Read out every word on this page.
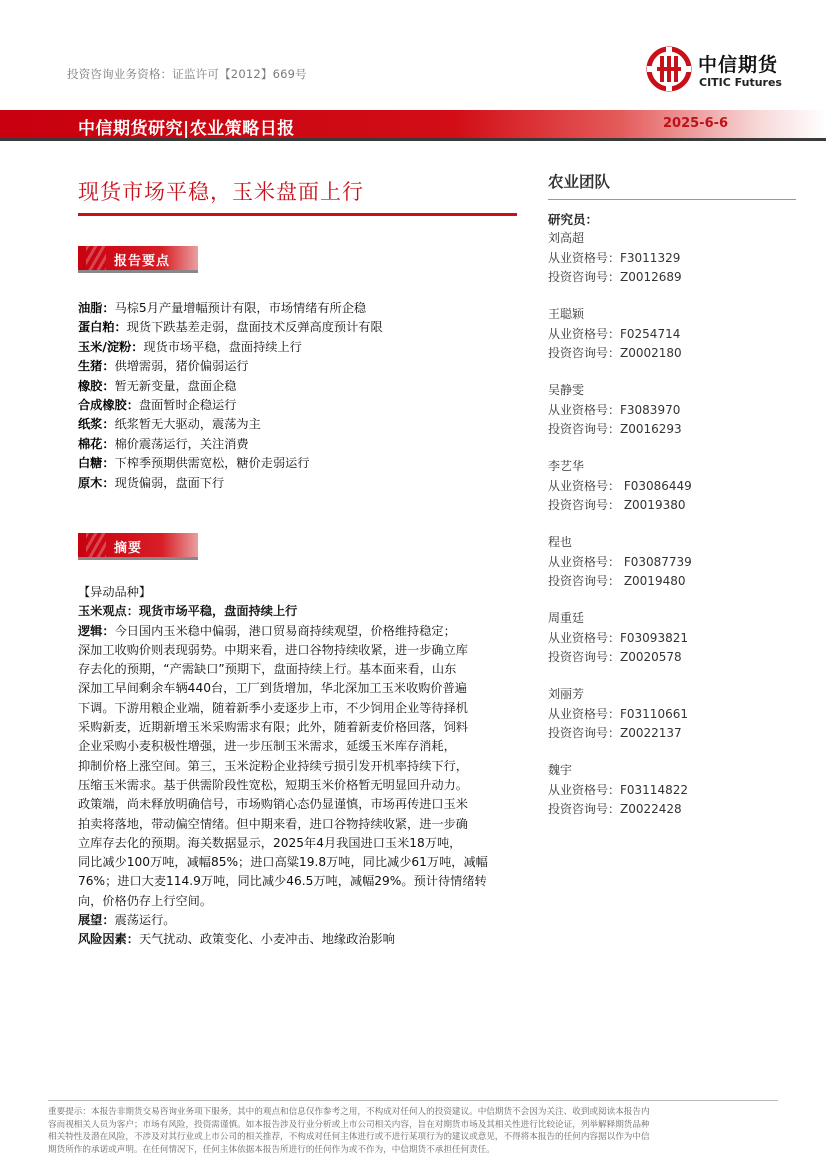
投资咨询业务资格：证监许可【2012】669号	中信期货
CITIC Futures
中信期货研究|农业策略日报	2025-6-6
现货市场平稳，玉米盘面上行
报告要点
油脂：马棕5月产量增幅预计有限，市场情绪有所企稳
蛋白粕：现货下跌基差走弱，盘面技术反弹高度预计有限
玉米/淀粉：现货市场平稳，盘面持续上行
生猪：供增需弱，猪价偏弱运行
橡胶：暂无新变量，盘面企稳
合成橡胶：盘面暂时企稳运行
纸浆：纸浆暂无大驱动，震荡为主
棉花：棉价震荡运行，关注消费
白糖：下榨季预期供需宽松，糖价走弱运行
原木：现货偏弱，盘面下行
摘要
【异动品种】
玉米观点：现货市场平稳，盘面持续上行
逻辑：今日国内玉米稳中偏弱，港口贸易商持续观望，价格维持稳定；
深加工收购价则表现弱势。中期来看，进口谷物持续收紧，进一步确立库
存去化的预期，“产需缺口”预期下，盘面持续上行。基本面来看，山东
深加工早间剩余车辆440台，工厂到货增加，华北深加工玉米收购价普遍
下调。下游用粮企业端，随着新季小麦逐步上市，不少饲用企业等待择机
采购新麦，近期新增玉米采购需求有限；此外，随着新麦价格回落，饲料
企业采购小麦积极性增强，进一步压制玉米需求，延缓玉米库存消耗，
抑制价格上涨空间。第三，玉米淀粉企业持续亏损引发开机率持续下行，
压缩玉米需求。基于供需阶段性宽松，短期玉米价格暂无明显回升动力。
政策端，尚未释放明确信号，市场购销心态仍显谨慎，市场再传进口玉米
拍卖将落地，带动偏空情绪。但中期来看，进口谷物持续收紧，进一步确
立库存去化的预期。海关数据显示，2025年4月我国进口玉米18万吨，
同比减少100万吨，减幅85%；进口高粱19.8万吨，同比减少61万吨，减幅
76%；进口大麦114.9万吨，同比减少46.5万吨，减幅29%。预计待情绪转
向，价格仍存上行空间。
展望：震荡运行。
风险因素：天气扰动、政策变化、小麦冲击、地缘政治影响
农业团队
研究员：
刘高超
从业资格号：F3011329
投资咨询号：Z0012689
王聪颖
从业资格号：F0254714
投资咨询号：Z0002180
吴静雯
从业资格号：F3083970
投资咨询号：Z0016293
李艺华
从业资格号： F03086449
投资咨询号： Z0019380
程也
从业资格号： F03087739
投资咨询号： Z0019480
周重廷
从业资格号：F03093821
投资咨询号：Z0020578
刘丽芳
从业资格号：F03110661
投资咨询号：Z0022137
魏宇
从业资格号：F03114822
投资咨询号：Z0022428
重要提示：本报告非期货交易咨询业务项下服务，其中的观点和信息仅作参考之用，不构成对任何人的投资建议。中信期货不会因为关注、收到或阅读本报告内
容而视相关人员为客户；市场有风险，投资需谨慎。如本报告涉及行业分析或上市公司相关内容，旨在对期货市场及其相关性进行比较论证，列举解释期货品种
相关特性及潜在风险，不涉及对其行业或上市公司的相关推荐，不构成对任何主体进行或不进行某项行为的建议或意见，不得将本报告的任何内容据以作为中信
期货所作的承诺或声明。在任何情况下，任何主体依据本报告所进行的任何作为或不作为，中信期货不承担任何责任。
